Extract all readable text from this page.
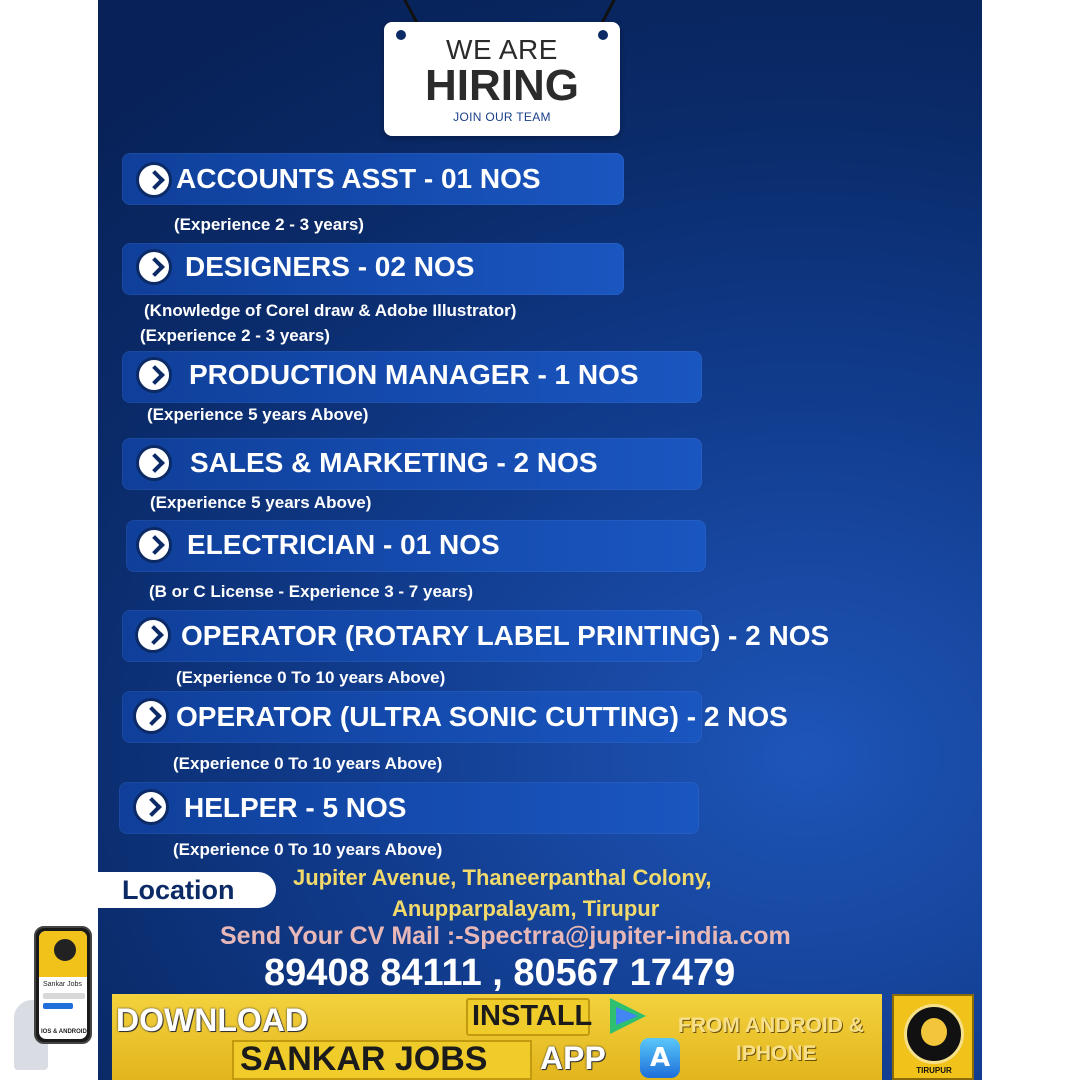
WE ARE
HIRING
JOIN OUR TEAM
ACCOUNTS ASST - 01 NOS
(Experience 2 - 3 years)
DESIGNERS - 02 NOS
(Knowledge of Corel draw & Adobe Illustrator)
(Experience 2 - 3 years)
PRODUCTION MANAGER - 1 NOS
(Experience 5 years Above)
SALES & MARKETING - 2 NOS
(Experience 5 years Above)
ELECTRICIAN - 01 NOS
(B or C License - Experience 3 - 7 years)
OPERATOR (ROTARY LABEL PRINTING) - 2 NOS
(Experience 0 To 10 years Above)
OPERATOR (ULTRA SONIC CUTTING) - 2 NOS
(Experience 0 To 10 years Above)
HELPER - 5 NOS
(Experience 0 To 10 years Above)
Location	Jupiter Avenue, Thaneerpanthal Colony,
Anupparpalayam, Tirupur
Send Your CV Mail :-Spectrra@jupiter-india.com
89408 84111 , 80567 17479
Sankar Jobs
IOS & ANDROID DOWNLOAD	INSTALL
SANKAR JOBS APP	A
FROM ANDROID &
IPHONE
TIRUPUR
